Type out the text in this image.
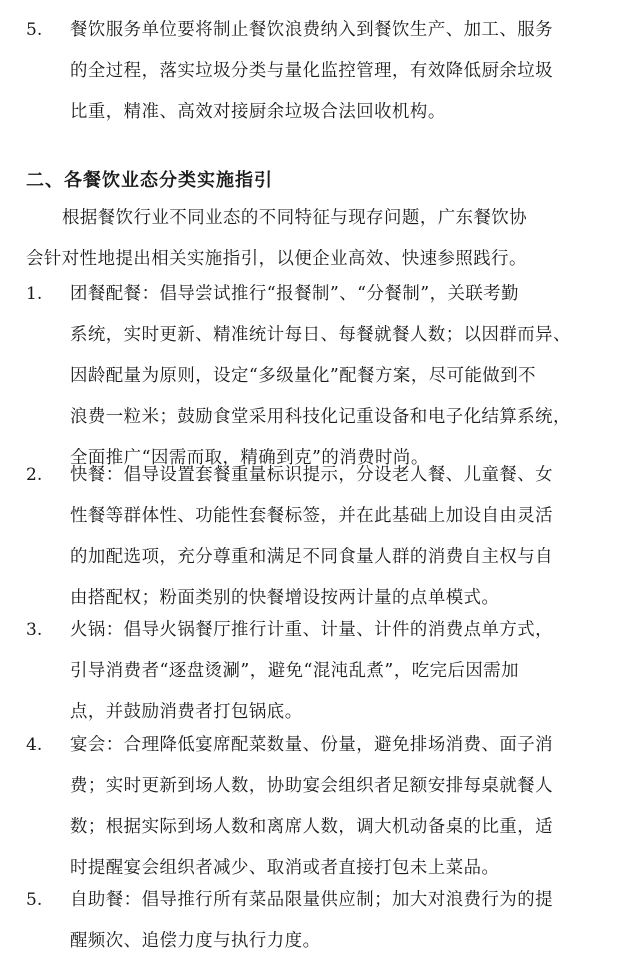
5. 餐饮服务单位要将制止餐饮浪费纳入到餐饮生产、加工、服务
的全过程，落实垃圾分类与量化监控管理，有效降低厨余垃圾
比重，精准、高效对接厨余垃圾合法回收机构。
二、各餐饮业态分类实施指引
根据餐饮行业不同业态的不同特征与现存问题，广东餐饮协
会针对性地提出相关实施指引，以便企业高效、快速参照践行。
1. 团餐配餐：倡导尝试推行“报餐制”、“分餐制”，关联考勤
系统，实时更新、精准统计每日、每餐就餐人数；以因群而异、
因龄配量为原则，设定“多级量化”配餐方案，尽可能做到不
浪费一粒米；鼓励食堂采用科技化记重设备和电子化结算系统，
全面推广“因需而取，精确到克”的消费时尚。
2. 快餐：倡导设置套餐重量标识提示，分设老人餐、儿童餐、女
性餐等群体性、功能性套餐标签，并在此基础上加设自由灵活
的加配选项，充分尊重和满足不同食量人群的消费自主权与自
由搭配权；粉面类别的快餐增设按两计量的点单模式。
3. 火锅：倡导火锅餐厅推行计重、计量、计件的消费点单方式，
引导消费者“逐盘烫涮”，避免“混沌乱煮”，吃完后因需加
点，并鼓励消费者打包锅底。
4. 宴会：合理降低宴席配菜数量、份量，避免排场消费、面子消
费；实时更新到场人数，协助宴会组织者足额安排每桌就餐人
数；根据实际到场人数和离席人数，调大机动备桌的比重，适
时提醒宴会组织者减少、取消或者直接打包未上菜品。
5. 自助餐：倡导推行所有菜品限量供应制；加大对浪费行为的提
醒频次、追偿力度与执行力度。
